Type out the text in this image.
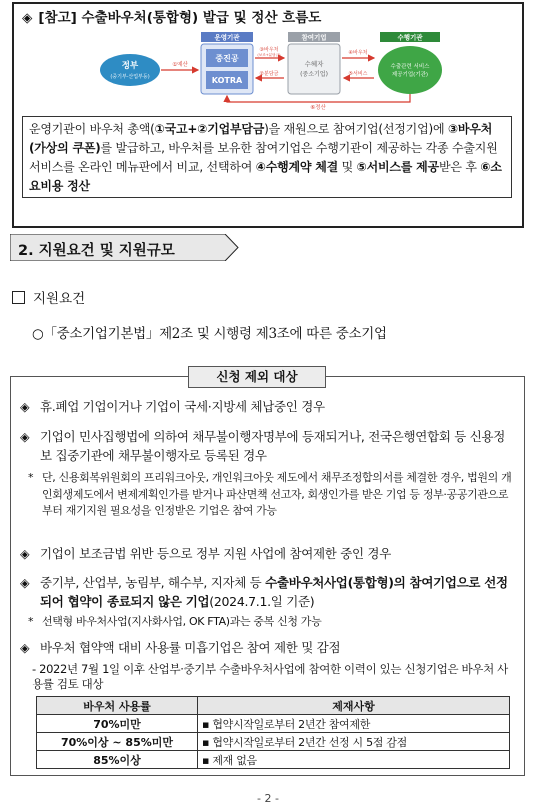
◈ [참고] 수출바우처(통합형) 발급 및 정산 흐름도
정부
(중기부·산업부등)
①예산
운영기관
중진공
KOTRA
③바우처
(보조+분담금)
②분담금
참여기업
수혜자
(중소기업)
④바우처
⑤서비스
수행기관
수출관련 서비스
제공기업(기관)
⑥정산
운영기관이 바우처 총액(①국고+②기업부담금)을 재원으로 참여기업(선정기업)에 ③바우처(가상의 쿠폰)를 발급하고, 바우처를 보유한 참여기업은 수행기관이 제공하는 각종 수출지원 서비스를 온라인 메뉴판에서 비교, 선택하여 ④수행계약 체결 및 ⑤서비스를 제공받은 후 ⑥소요비용 정산
2. 지원요건 및 지원규모
지원요건
○「중소기업기본법」제2조 및 시행령 제3조에 따른 중소기업
신청 제외 대상
◈ 휴.폐업 기업이거나 기업이 국세·지방세 체납중인 경우
◈ 기업이 민사집행법에 의하여 채무불이행자명부에 등재되거나, 전국은행연합회 등 신용정보 집중기관에 채무불이행자로 등록된 경우
* 단, 신용회복위원회의 프리워크아웃, 개인워크아웃 제도에서 채무조정합의서를 체결한 경우, 법원의 개인회생제도에서 변제계획인가를 받거나 파산면책 선고자, 회생인가를 받은 기업 등 정부·공공기관으로부터 재기지원 필요성을 인정받은 기업은 참여 가능
◈ 기업이 보조금법 위반 등으로 정부 지원 사업에 참여제한 중인 경우
◈ 중기부, 산업부, 농림부, 해수부, 지자체 등 수출바우처사업(통합형)의 참여기업으로 선정되어 협약이 종료되지 않은 기업(2024.7.1.일 기준)
* 선택형 바우처사업(지사화사업, OK FTA)과는 중복 신청 가능
◈ 바우처 협약액 대비 사용률 미흡기업은 참여 제한 및 감점
- 2022년 7월 1일 이후 산업부·중기부 수출바우처사업에 참여한 이력이 있는 신청기업은 바우처 사용률 검토 대상
바우처 사용률	제재사항
70%미만	▪ 협약시작일로부터 2년간 참여제한
70%이상 ~ 85%미만	▪ 협약시작일로부터 2년간 선정 시 5점 감점
85%이상	▪ 제재 없음
- 2 -
